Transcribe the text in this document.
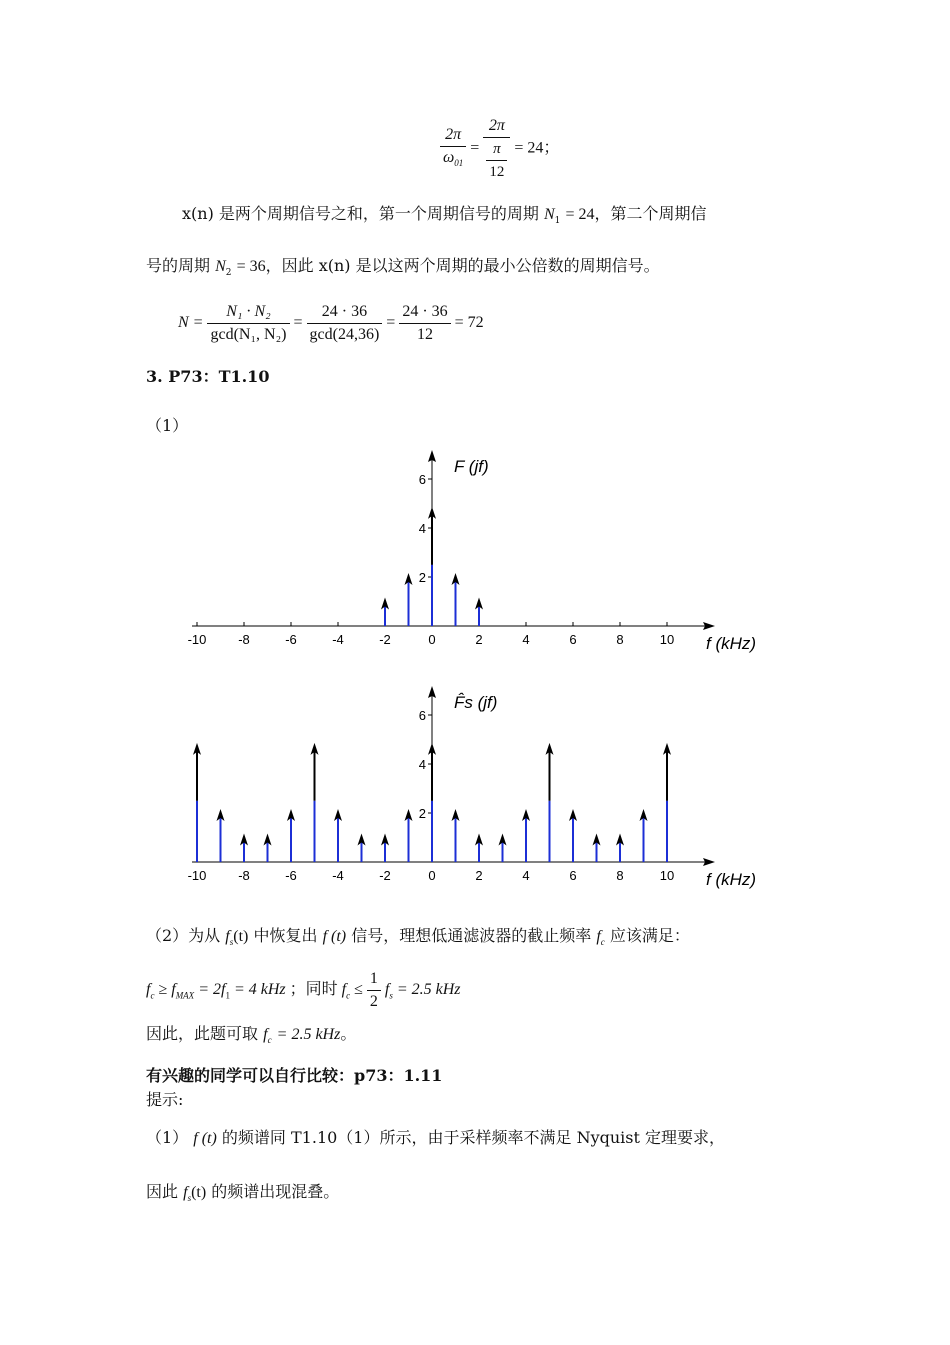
$\frac{2\pi}{\omega_{01}} = \frac{2\pi}{\frac{\pi}{12}} = 24$；
x(n) 是两个周期信号之和，第一个周期信号的周期 $N_1 = 24$，第二个周期信
号的周期 $N_2 = 36$，因此 x(n) 是以这两个周期的最小公倍数的周期信号。
$N = \frac{\text{N₁ · N₂}}{\text{gcd(N₁, N₂)}} = \frac{24 \cdot 36}{\gcd(24,36)} = \frac{24 \cdot 36}{12} = 72$
3. P73：T1.10
（1）
-10 -8	-6	-4	-2	0	2	4	6	8	10
2
4
6
F (jf)
f (kHz)
-10 -8	-6	-4	-2	0	2	4	6	8	10
2
4
6
F̂s (jf)
f (kHz)
（2）为从 $f_s(t)$ 中恢复出 f (t) 信号，理想低通滤波器的截止频率 $f_c$ 应该满足：
$f_c \ge f_{MAX} = 2f_1 = 4$ kHz ；同时 $f_c \le \frac{1}{2} f_s = 2.5$ kHz
因此，此题可取 $f_c = 2.5$ kHz。
有兴趣的同学可以自行比较：p73：1.11
提示:
（1） f (t) 的频谱同 T1.10（1）所示，由于采样频率不满足 Nyquist 定理要求，
因此 $f_s(t)$ 的频谱出现混叠。
